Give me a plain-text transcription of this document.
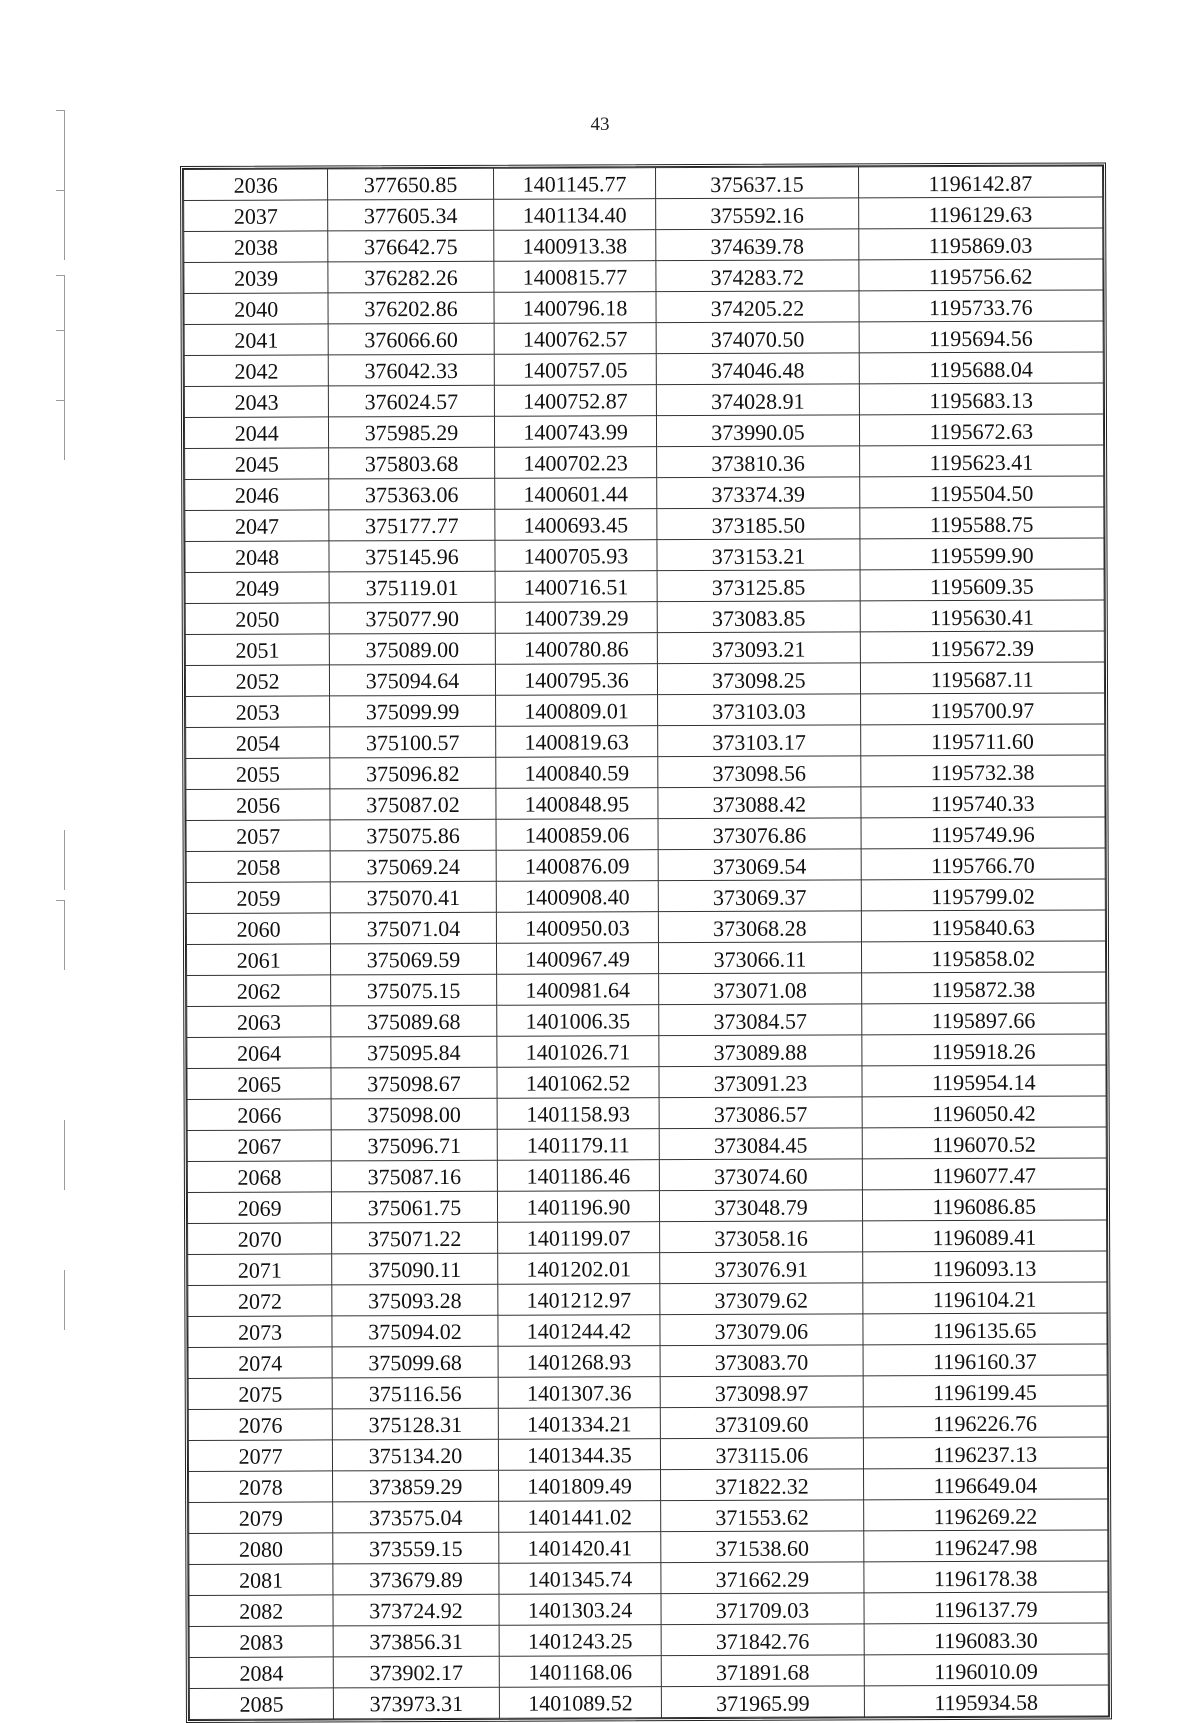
43
2036	377650.85	1401145.77	375637.15	1196142.87
2037	377605.34	1401134.40	375592.16	1196129.63
2038	376642.75	1400913.38	374639.78	1195869.03
2039	376282.26	1400815.77	374283.72	1195756.62
2040	376202.86	1400796.18	374205.22	1195733.76
2041	376066.60	1400762.57	374070.50	1195694.56
2042	376042.33	1400757.05	374046.48	1195688.04
2043	376024.57	1400752.87	374028.91	1195683.13
2044	375985.29	1400743.99	373990.05	1195672.63
2045	375803.68	1400702.23	373810.36	1195623.41
2046	375363.06	1400601.44	373374.39	1195504.50
2047	375177.77	1400693.45	373185.50	1195588.75
2048	375145.96	1400705.93	373153.21	1195599.90
2049	375119.01	1400716.51	373125.85	1195609.35
2050	375077.90	1400739.29	373083.85	1195630.41
2051	375089.00	1400780.86	373093.21	1195672.39
2052	375094.64	1400795.36	373098.25	1195687.11
2053	375099.99	1400809.01	373103.03	1195700.97
2054	375100.57	1400819.63	373103.17	1195711.60
2055	375096.82	1400840.59	373098.56	1195732.38
2056	375087.02	1400848.95	373088.42	1195740.33
2057	375075.86	1400859.06	373076.86	1195749.96
2058	375069.24	1400876.09	373069.54	1195766.70
2059	375070.41	1400908.40	373069.37	1195799.02
2060	375071.04	1400950.03	373068.28	1195840.63
2061	375069.59	1400967.49	373066.11	1195858.02
2062	375075.15	1400981.64	373071.08	1195872.38
2063	375089.68	1401006.35	373084.57	1195897.66
2064	375095.84	1401026.71	373089.88	1195918.26
2065	375098.67	1401062.52	373091.23	1195954.14
2066	375098.00	1401158.93	373086.57	1196050.42
2067	375096.71	1401179.11	373084.45	1196070.52
2068	375087.16	1401186.46	373074.60	1196077.47
2069	375061.75	1401196.90	373048.79	1196086.85
2070	375071.22	1401199.07	373058.16	1196089.41
2071	375090.11	1401202.01	373076.91	1196093.13
2072	375093.28	1401212.97	373079.62	1196104.21
2073	375094.02	1401244.42	373079.06	1196135.65
2074	375099.68	1401268.93	373083.70	1196160.37
2075	375116.56	1401307.36	373098.97	1196199.45
2076	375128.31	1401334.21	373109.60	1196226.76
2077	375134.20	1401344.35	373115.06	1196237.13
2078	373859.29	1401809.49	371822.32	1196649.04
2079	373575.04	1401441.02	371553.62	1196269.22
2080	373559.15	1401420.41	371538.60	1196247.98
2081	373679.89	1401345.74	371662.29	1196178.38
2082	373724.92	1401303.24	371709.03	1196137.79
2083	373856.31	1401243.25	371842.76	1196083.30
2084	373902.17	1401168.06	371891.68	1196010.09
2085	373973.31	1401089.52	371965.99	1195934.58
